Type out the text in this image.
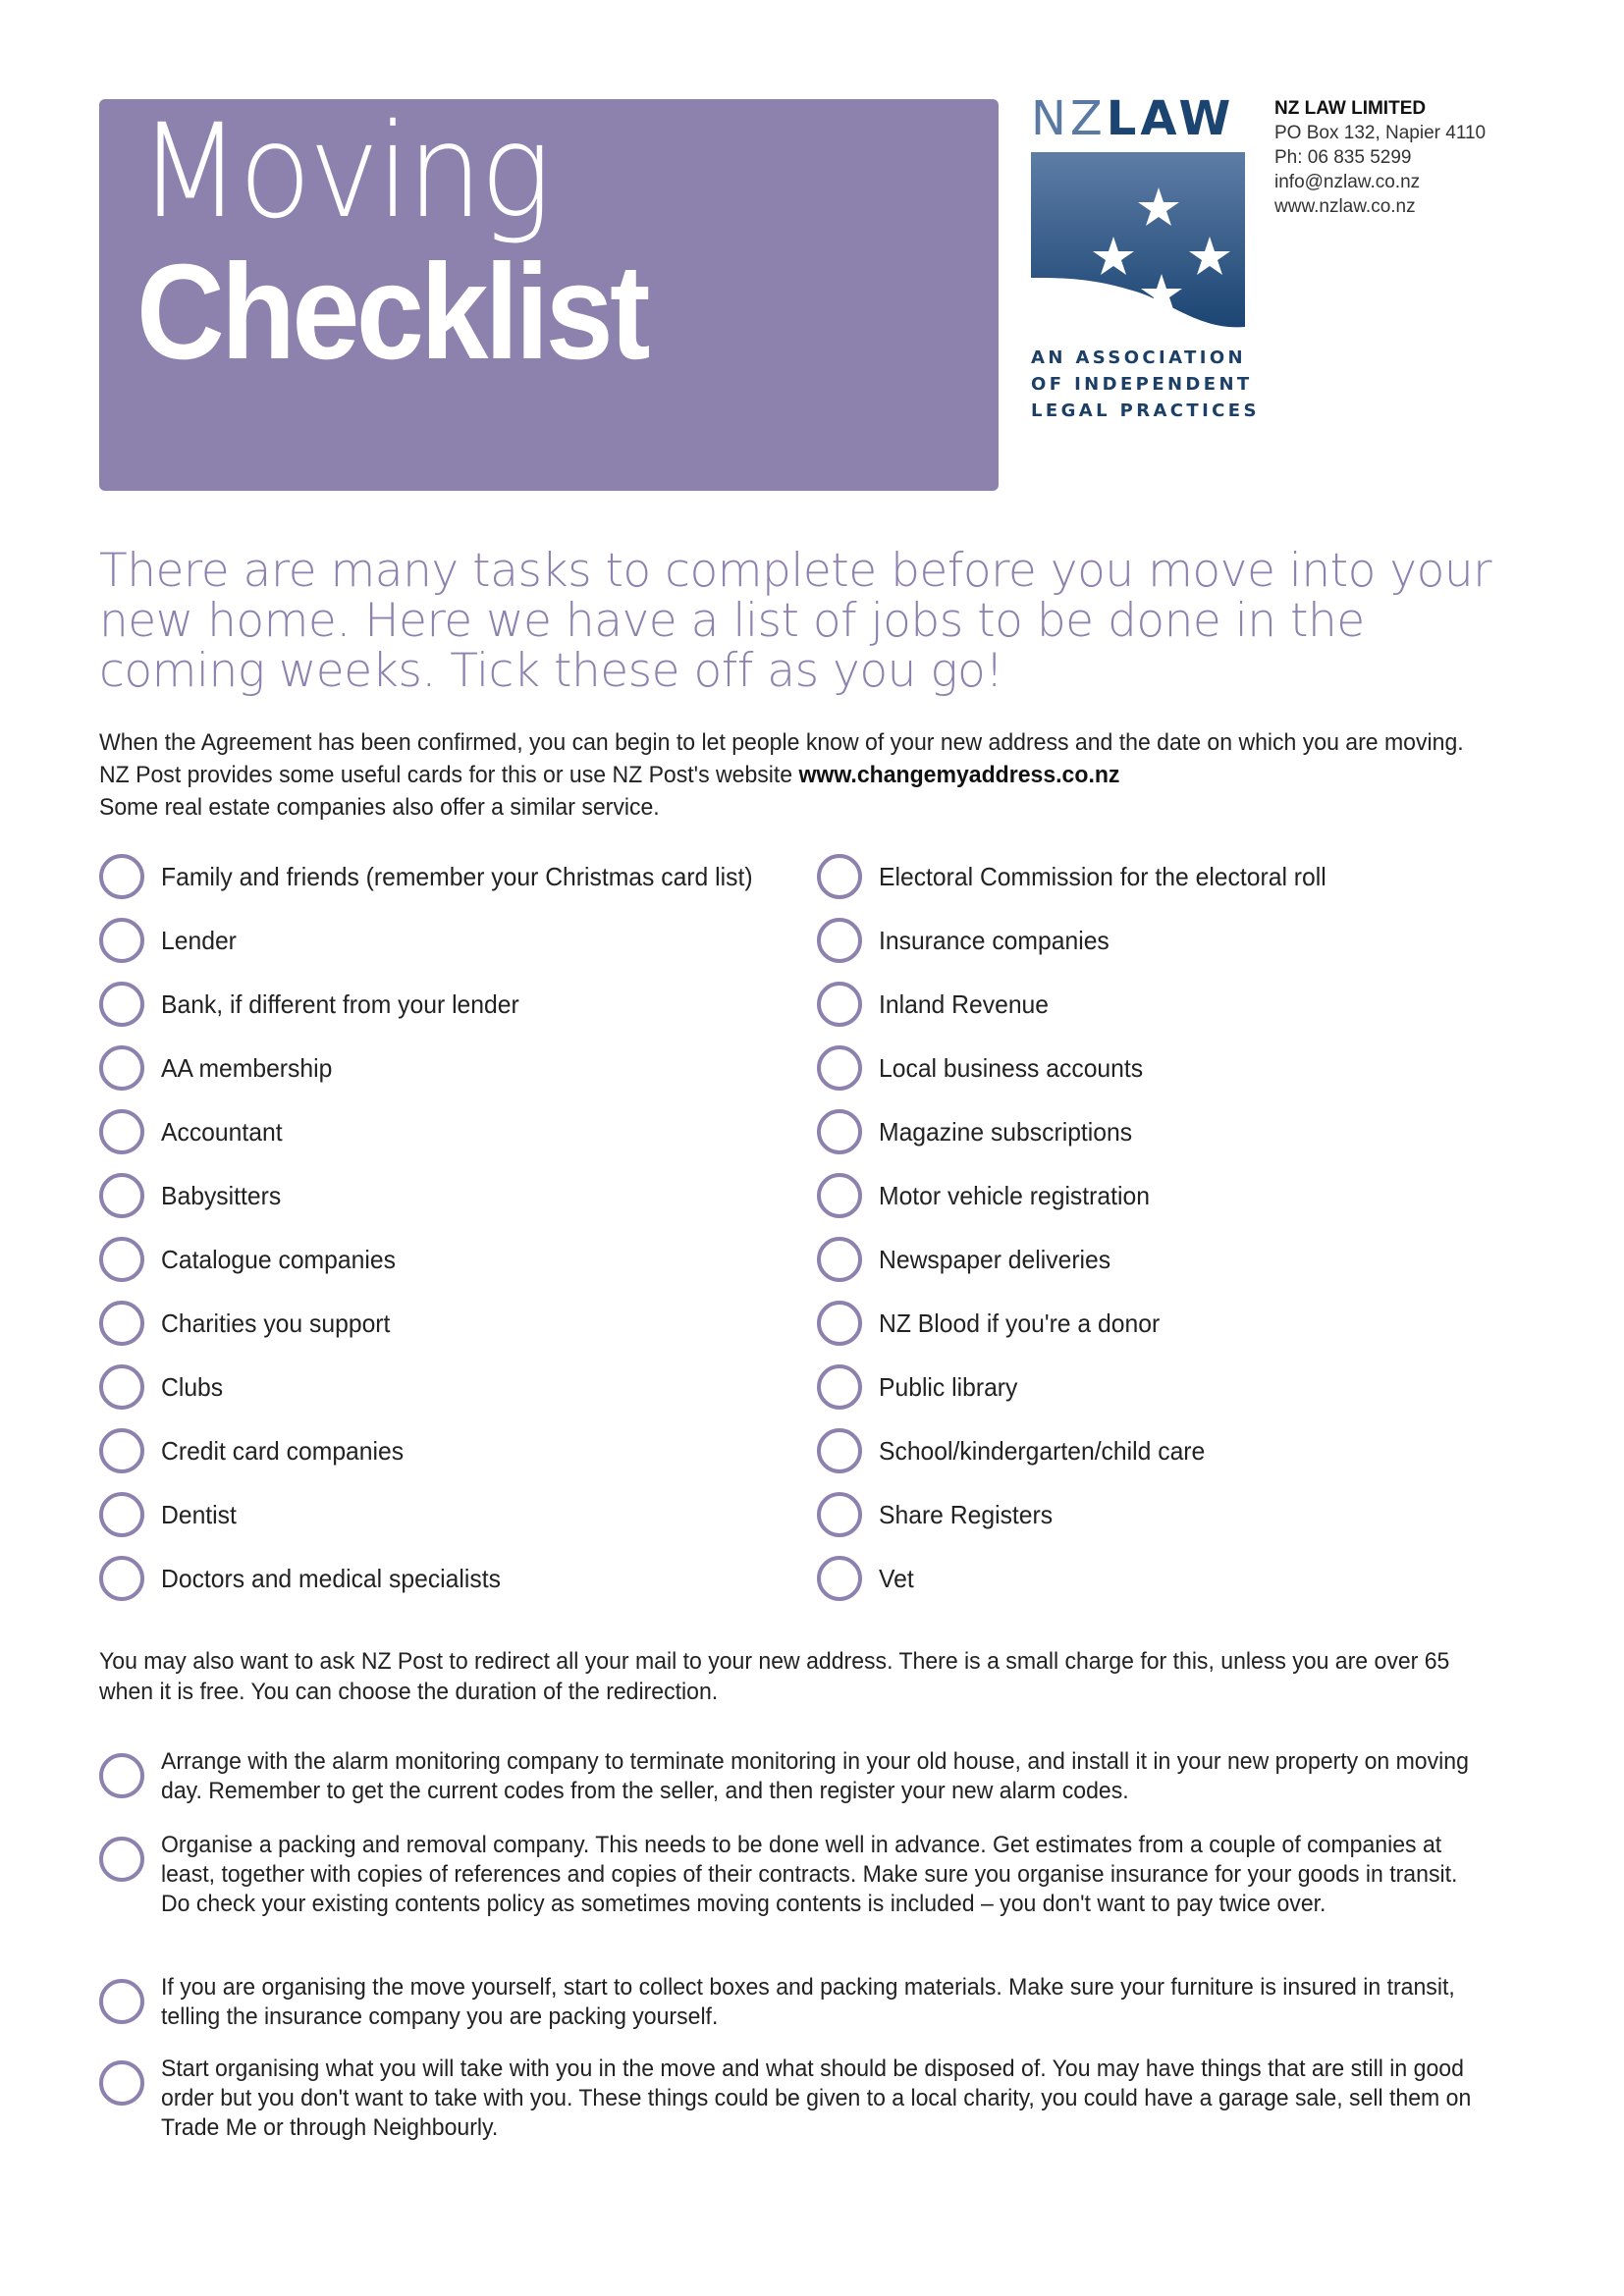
Moving
Checklist
NZLAW
AN ASSOCIATION
OF INDEPENDENT
LEGAL PRACTICES
NZ LAW LIMITED
PO Box 132, Napier 4110
Ph: 06 835 5299
info@nzlaw.co.nz
www.nzlaw.co.nz
There are many tasks to complete before you move into your new home. Here we have a list of jobs to be done in the coming weeks. Tick these off as you go!
When the Agreement has been confirmed, you can begin to let people know of your new address and the date on which you are moving. NZ Post provides some useful cards for this or use NZ Post's website www.changemyaddress.co.nz
Some real estate companies also offer a similar service.
Family and friends (remember your Christmas card list)
Lender
Bank, if different from your lender
AA membership
Accountant
Babysitters
Catalogue companies
Charities you support
Clubs
Credit card companies
Dentist
Doctors and medical specialists
Electoral Commission for the electoral roll
Insurance companies
Inland Revenue
Local business accounts
Magazine subscriptions
Motor vehicle registration
Newspaper deliveries
NZ Blood if you're a donor
Public library
School/kindergarten/child care
Share Registers
Vet
You may also want to ask NZ Post to redirect all your mail to your new address. There is a small charge for this, unless you are over 65 when it is free. You can choose the duration of the redirection.
Arrange with the alarm monitoring company to terminate monitoring in your old house, and install it in your new property on moving day. Remember to get the current codes from the seller, and then register your new alarm codes.
Organise a packing and removal company. This needs to be done well in advance. Get estimates from a couple of companies at least, together with copies of references and copies of their contracts. Make sure you organise insurance for your goods in transit. Do check your existing contents policy as sometimes moving contents is included – you don't want to pay twice over.
If you are organising the move yourself, start to collect boxes and packing materials. Make sure your furniture is insured in transit, telling the insurance company you are packing yourself.
Start organising what you will take with you in the move and what should be disposed of. You may have things that are still in good order but you don't want to take with you. These things could be given to a local charity, you could have a garage sale, sell them on Trade Me or through Neighbourly.
